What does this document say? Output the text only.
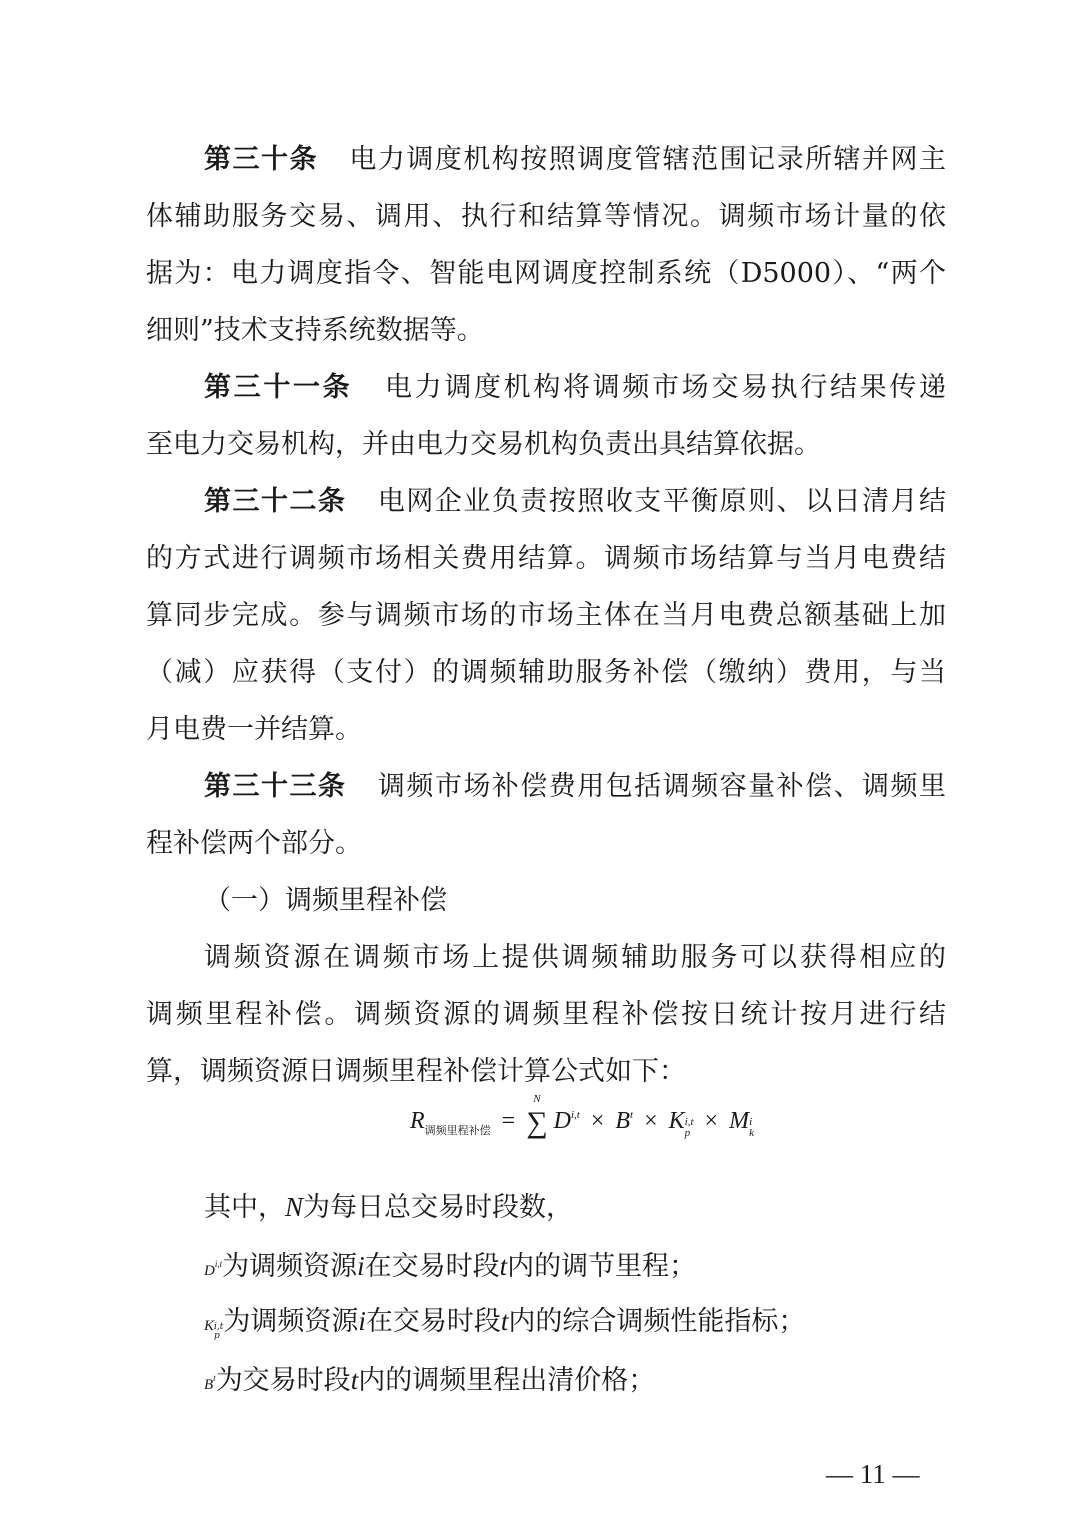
第三十条 电力调度机构按照调度管辖范围记录所辖并网主
体辅助服务交易、调用、执行和结算等情况。调频市场计量的依
据为：电力调度指令、智能电网调度控制系统（D5000）、“两个
细则”技术支持系统数据等。
第三十一条 电力调度机构将调频市场交易执行结果传递
至电力交易机构，并由电力交易机构负责出具结算依据。
第三十二条 电网企业负责按照收支平衡原则、以日清月结
的方式进行调频市场相关费用结算。调频市场结算与当月电费结
算同步完成。参与调频市场的市场主体在当月电费总额基础上加
（减）应获得（支付）的调频辅助服务补偿（缴纳）费用，与当
月电费一并结算。
第三十三条 调频市场补偿费用包括调频容量补偿、调频里
程补偿两个部分。
（一）调频里程补偿
调频资源在调频市场上提供调频辅助服务可以获得相应的
调频里程补偿。调频资源的调频里程补偿按日统计按月进行结
算，调频资源日调频里程补偿计算公式如下：
$R_{调频里程补偿}$ =
N
∑ $D^{i,t} \times B^t \times K$ i,t
p × M i
k
其中，N为每日总交易时段数，
D$^{i,t}$为调频资源i在交易时段t内的调节里程；
K i,t
p 为调频资源i在交易时段t内的综合调频性能指标；
$B^t$为交易时段t内的调频里程出清价格；
— 11 —
